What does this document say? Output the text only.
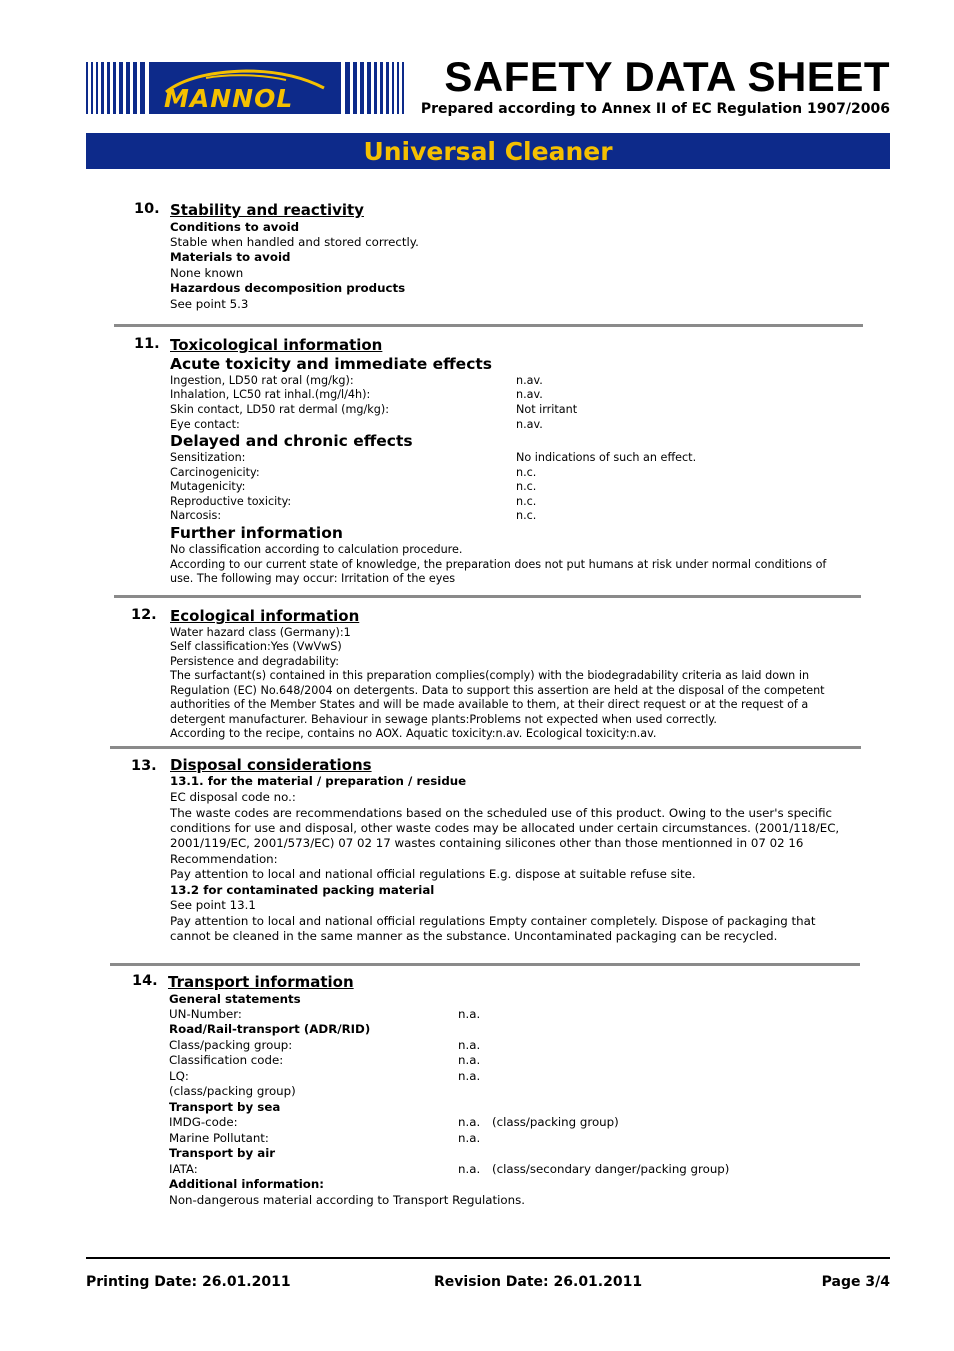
MANNOL	SAFETY DATA SHEET
Prepared according to Annex II of EC Regulation 1907/2006
Universal Cleaner
10. Stability and reactivity
Conditions to avoid
Stable when handled and stored correctly.
Materials to avoid
None known
Hazardous decomposition products
See point 5.3
11. Toxicological information
Acute toxicity and immediate effects
Ingestion, LD50 rat oral (mg/kg):	n.av.
Inhalation, LC50 rat inhal.(mg/l/4h):	n.av.
Skin contact, LD50 rat dermal (mg/kg):	Not irritant
Eye contact:	n.av.
Delayed and chronic effects
Sensitization:	No indications of such an effect.
Carcinogenicity:	n.c.
Mutagenicity:	n.c.
Reproductive toxicity:	n.c.
Narcosis:	n.c.
Further information
No classification according to calculation procedure.
According to our current state of knowledge, the preparation does not put humans at risk under normal conditions of
use. The following may occur: Irritation of the eyes
12. Ecological information
Water hazard class (Germany):1
Self classification:Yes (VwVwS)
Persistence and degradability:
The surfactant(s) contained in this preparation complies(comply) with the biodegradability criteria as laid down in
Regulation (EC) No.648/2004 on detergents. Data to support this assertion are held at the disposal of the competent
authorities of the Member States and will be made available to them, at their direct request or at the request of a
detergent manufacturer. Behaviour in sewage plants:Problems not expected when used correctly.
According to the recipe, contains no AOX. Aquatic toxicity:n.av. Ecological toxicity:n.av.
13. Disposal considerations
13.1. for the material / preparation / residue
EC disposal code no.:
The waste codes are recommendations based on the scheduled use of this product. Owing to the user's specific
conditions for use and disposal, other waste codes may be allocated under certain circumstances. (2001/118/EC,
2001/119/EC, 2001/573/EC) 07 02 17 wastes containing silicones other than those mentionned in 07 02 16
Recommendation:
Pay attention to local and national official regulations E.g. dispose at suitable refuse site.
13.2 for contaminated packing material
See point 13.1
Pay attention to local and national official regulations Empty container completely. Dispose of packaging that
cannot be cleaned in the same manner as the substance. Uncontaminated packaging can be recycled.
14. Transport information
General statements
UN-Number:	n.a.
Road/Rail-transport (ADR/RID)
Class/packing group:	n.a.
Classification code:	n.a.
LQ:	n.a.
(class/packing group)
Transport by sea
IMDG-code:	n.a. (class/packing group)
Marine Pollutant:	n.a.
Transport by air
IATA:	n.a. (class/secondary danger/packing group)
Additional information:
Non-dangerous material according to Transport Regulations.
Printing Date: 26.01.2011	Revision Date: 26.01.2011	Page 3/4
